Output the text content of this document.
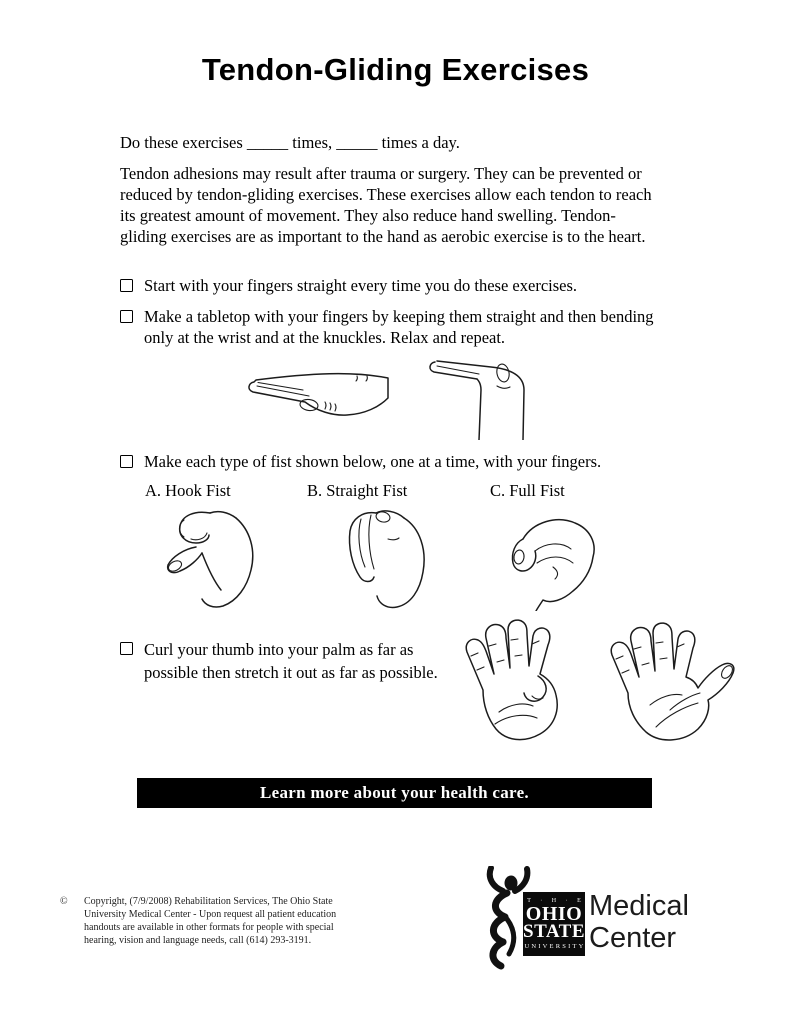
Tendon-Gliding Exercises
Do these exercises _____ times, _____ times a day.
Tendon adhesions may result after trauma or surgery. They can be prevented or reduced by tendon-gliding exercises. These exercises allow each tendon to reach its greatest amount of movement. They also reduce hand swelling. Tendon-gliding exercises are as important to the hand as aerobic exercise is to the heart.
Start with your fingers straight every time you do these exercises.
Make a tabletop with your fingers by keeping them straight and then bending only at the wrist and at the knuckles. Relax and repeat.
Make each type of fist shown below, one at a time, with your fingers.
A. Hook Fist	B. Straight Fist	C. Full Fist
Curl your thumb into your palm as far as possible then stretch it out as far as possible.
Learn more about your health care.
©	Copyright, (7/9/2008) Rehabilitation Services, The Ohio State
University Medical Center - Upon request all patient education
handouts are available in other formats for people with special
hearing, vision and language needs, call (614) 293-3191.
T · H · E
OHIO
STATE
UNIVERSITY
Medical
Center
